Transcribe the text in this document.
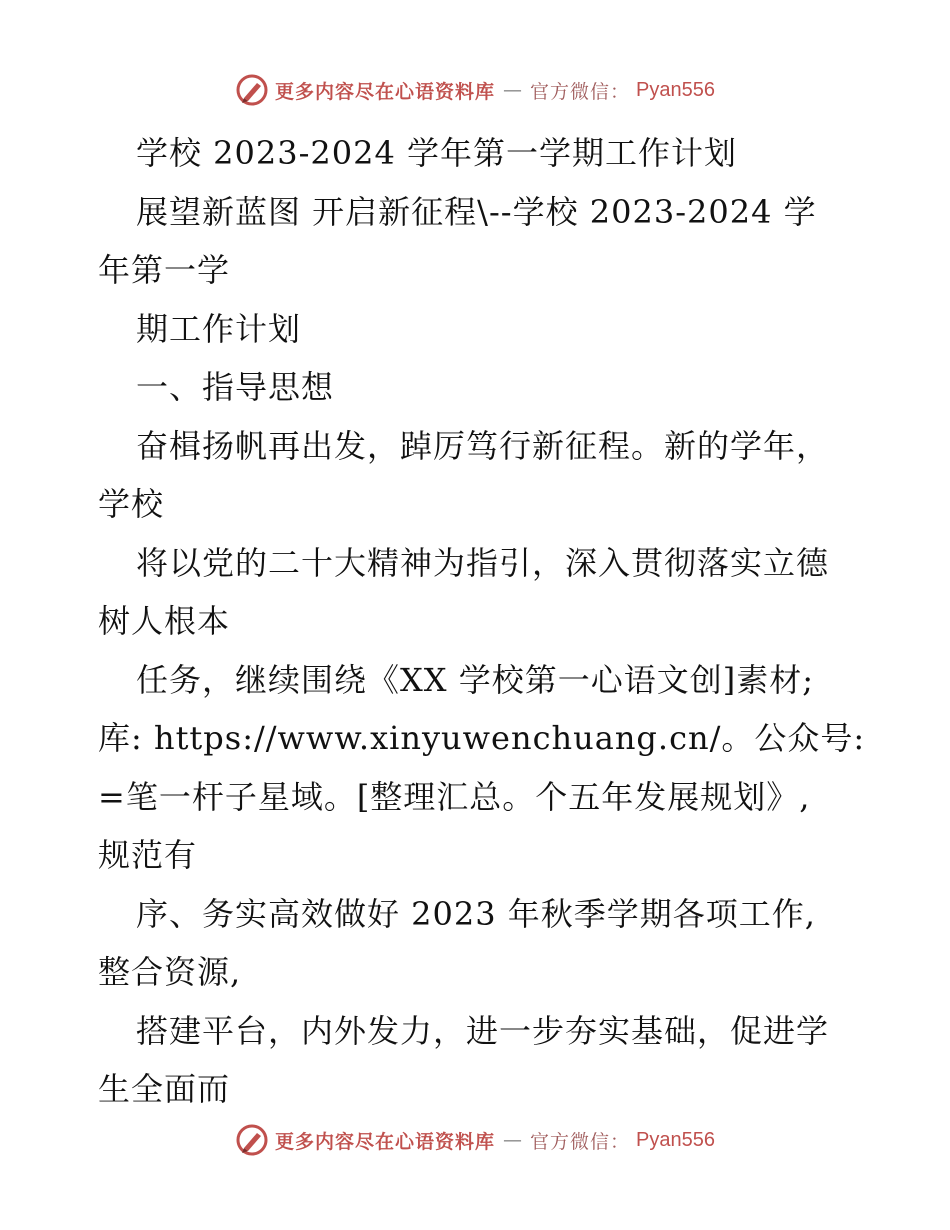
更多内容尽在心语资料库 — 官方微信： Pyan556
学校 2023-2024 学年第一学期工作计划
展望新蓝图 开启新征程\--学校 2023-2024 学
年第一学
期工作计划
一、指导思想
奋楫扬帆再出发，踔厉笃行新征程。新的学年，
学校
将以党的二十大精神为指引，深入贯彻落实立德
树人根本
任务，继续围绕《XX 学校第一心语文创]素材;
库: https://www.xinyuwenchuang.cn/。公众号:
=笔一杆子星域。[整理汇总。个五年发展规划》,
规范有
序、务实高效做好 2023 年秋季学期各项工作,
整合资源,
搭建平台，内外发力，进一步夯实基础，促进学
生全面而
更多内容尽在心语资料库 — 官方微信： Pyan556
